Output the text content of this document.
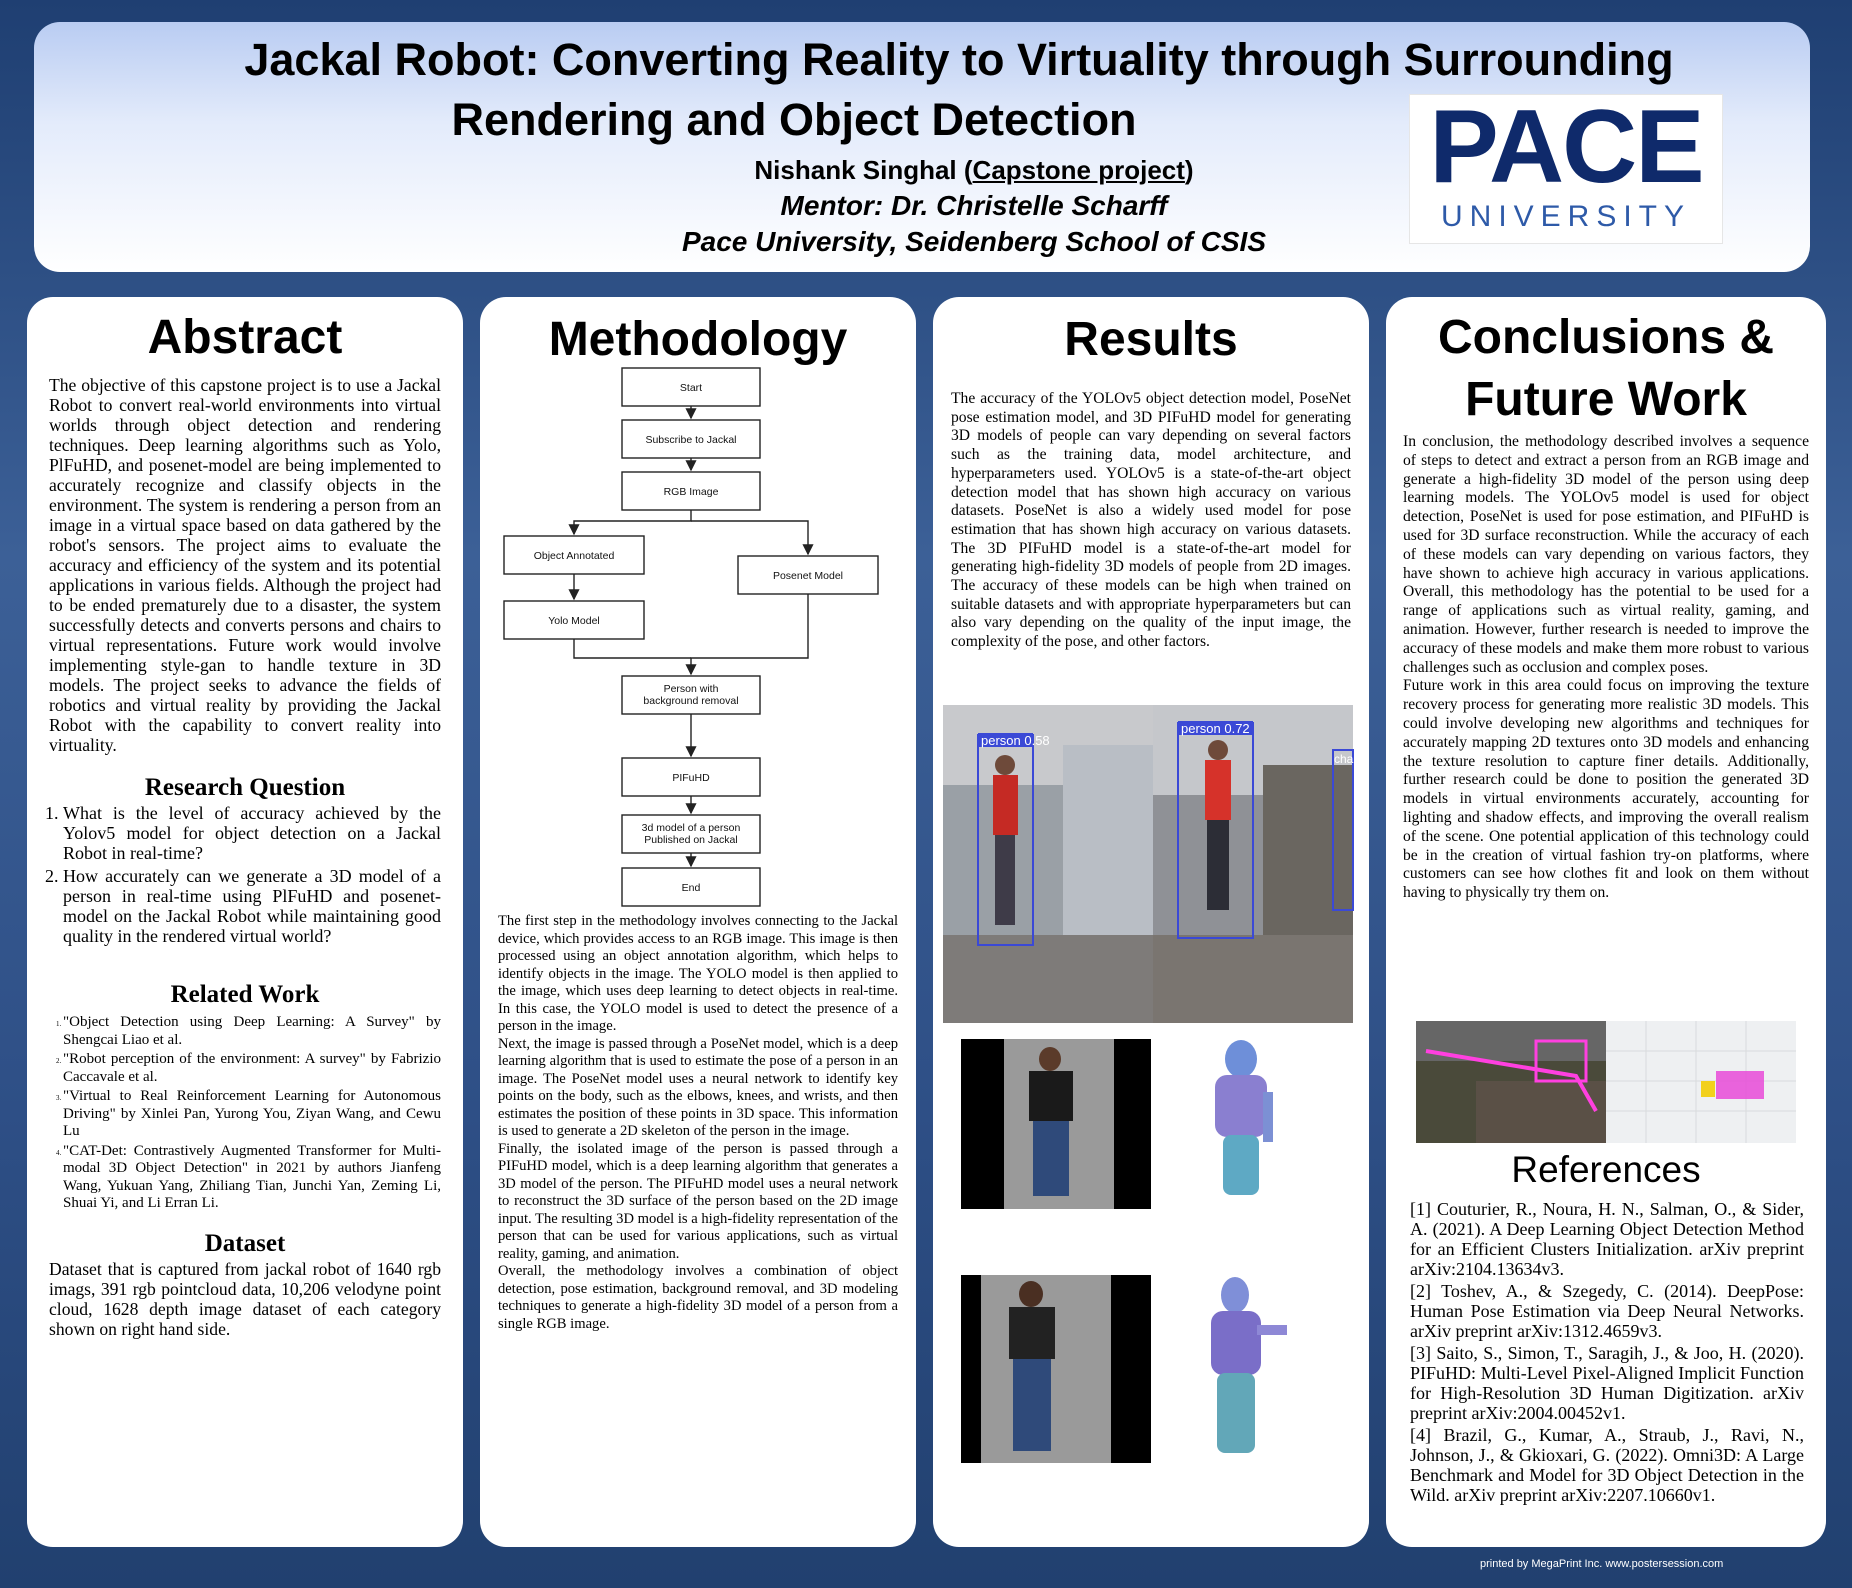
Jackal Robot: Converting Reality to Virtuality through Surrounding
Rendering and Object Detection
Nishank Singhal (Capstone project)
Mentor: Dr. Christelle Scharff
Pace University, Seidenberg School of CSIS
PACE
UNIVERSITY
Abstract

The objective of this capstone project is to use a Jackal Robot to convert real-world environments into virtual worlds through object detection and rendering techniques. Deep learning algorithms such as Yolo, PlFuHD, and posenet-model are being implemented to accurately recognize and classify objects in the environment. The system is rendering a person from an image in a virtual space based on data gathered by the robot's sensors. The project aims to evaluate the accuracy and efficiency of the system and its potential applications in various fields. Although the project had to be ended prematurely due to a disaster, the system successfully detects and converts persons and chairs to virtual representations. Future work would involve implementing style-gan to handle texture in 3D models. The project seeks to advance the fields of robotics and virtual reality by providing the Jackal Robot with the capability to convert reality into virtuality.

Research Question
1. What is the level of accuracy achieved by the Yolov5 model for object detection on a Jackal Robot in real-time?
2. How accurately can we generate a 3D model of a person in real-time using PlFuHD and posenet-model on the Jackal Robot while maintaining good quality in the rendered virtual world?
Related Work
1. "Object Detection using Deep Learning: A Survey" by Shengcai Liao et al.
2. "Robot perception of the environment: A survey" by Fabrizio Caccavale et al.
3. "Virtual to Real Reinforcement Learning for Autonomous Driving" by Xinlei Pan, Yurong You, Ziyan Wang, and Cewu Lu
4. "CAT-Det: Contrastively Augmented Transformer for Multi-modal 3D Object Detection" in 2021 by authors Jianfeng Wang, Yukuan Yang, Zhiliang Tian, Junchi Yan, Zeming Li, Shuai Yi, and Li Erran Li.
Dataset

Dataset that is captured from jackal robot of 1640 rgb imags, 391 rgb pointcloud data, 10,206 velodyne point cloud, 1628 depth image dataset of each category shown on right hand side.

Methodology
Start
Subscribe to Jackal
RGB Image
Object Annotated
Posenet Model
Yolo Model
Person with
background removal
PIFuHD
3d model of a person
Published on Jackal
End

The first step in the methodology involves connecting to the Jackal device, which provides access to an RGB image. This image is then processed using an object annotation algorithm, which helps to identify objects in the image. The YOLO model is then applied to the image, which uses deep learning to detect objects in real-time. In this case, the YOLO model is used to detect the presence of a person in the image.

Next, the image is passed through a PoseNet model, which is a deep learning algorithm that is used to estimate the pose of a person in an image. The PoseNet model uses a neural network to identify key points on the body, such as the elbows, knees, and wrists, and then estimates the position of these points in 3D space. This information is used to generate a 2D skeleton of the person in the image.

Finally, the isolated image of the person is passed through a PIFuHD model, which is a deep learning algorithm that generates a 3D model of the person. The PIFuHD model uses a neural network to reconstruct the 3D surface of the person based on the 2D image input. The resulting 3D model is a high-fidelity representation of the person that can be used for various applications, such as virtual reality, gaming, and animation.

Overall, the methodology involves a combination of object detection, pose estimation, background removal, and 3D modeling techniques to generate a high-fidelity 3D model of a person from a single RGB image.

Results

The accuracy of the YOLOv5 object detection model, PoseNet pose estimation model, and 3D PIFuHD model for generating 3D models of people can vary depending on several factors such as the training data, model architecture, and hyperparameters used. YOLOv5 is a state-of-the-art object detection model that has shown high accuracy on various datasets. PoseNet is also a widely used model for pose estimation that has shown high accuracy on various datasets. The 3D PIFuHD model is a state-of-the-art model for generating high-fidelity 3D models of people from 2D images. The accuracy of these models can be high when trained on suitable datasets and with appropriate hyperparameters but can also vary depending on the quality of the input image, the complexity of the pose, and other factors.

person 0.58
person 0.72
chai
Conclusions &
Future Work

In conclusion, the methodology described involves a sequence of steps to detect and extract a person from an RGB image and generate a high-fidelity 3D model of the person using deep learning models. The YOLOv5 model is used for object detection, PoseNet is used for pose estimation, and PIFuHD is used for 3D surface reconstruction. While the accuracy of each of these models can vary depending on various factors, they have shown to achieve high accuracy in various applications. Overall, this methodology has the potential to be used for a range of applications such as virtual reality, gaming, and animation. However, further research is needed to improve the accuracy of these models and make them more robust to various challenges such as occlusion and complex poses.

Future work in this area could focus on improving the texture recovery process for generating more realistic 3D models. This could involve developing new algorithms and techniques for accurately mapping 2D textures onto 3D models and enhancing the texture resolution to capture finer details. Additionally, further research could be done to position the generated 3D models in virtual environments accurately, accounting for lighting and shadow effects, and improving the overall realism of the scene. One potential application of this technology could be in the creation of virtual fashion try-on platforms, where customers can see how clothes fit and look on them without having to physically try them on.

References

[1] Couturier, R., Noura, H. N., Salman, O., & Sider, A. (2021). A Deep Learning Object Detection Method for an Efficient Clusters Initialization. arXiv preprint arXiv:2104.13634v3.

[2] Toshev, A., & Szegedy, C. (2014). DeepPose: Human Pose Estimation via Deep Neural Networks. arXiv preprint arXiv:1312.4659v3.

[3] Saito, S., Simon, T., Saragih, J., & Joo, H. (2020). PIFuHD: Multi-Level Pixel-Aligned Implicit Function for High-Resolution 3D Human Digitization. arXiv preprint arXiv:2004.00452v1.

[4] Brazil, G., Kumar, A., Straub, J., Ravi, N., Johnson, J., & Gkioxari, G. (2022). Omni3D: A Large Benchmark and Model for 3D Object Detection in the Wild. arXiv preprint arXiv:2207.10660v1.

printed by MegaPrint Inc. www.postersession.com
